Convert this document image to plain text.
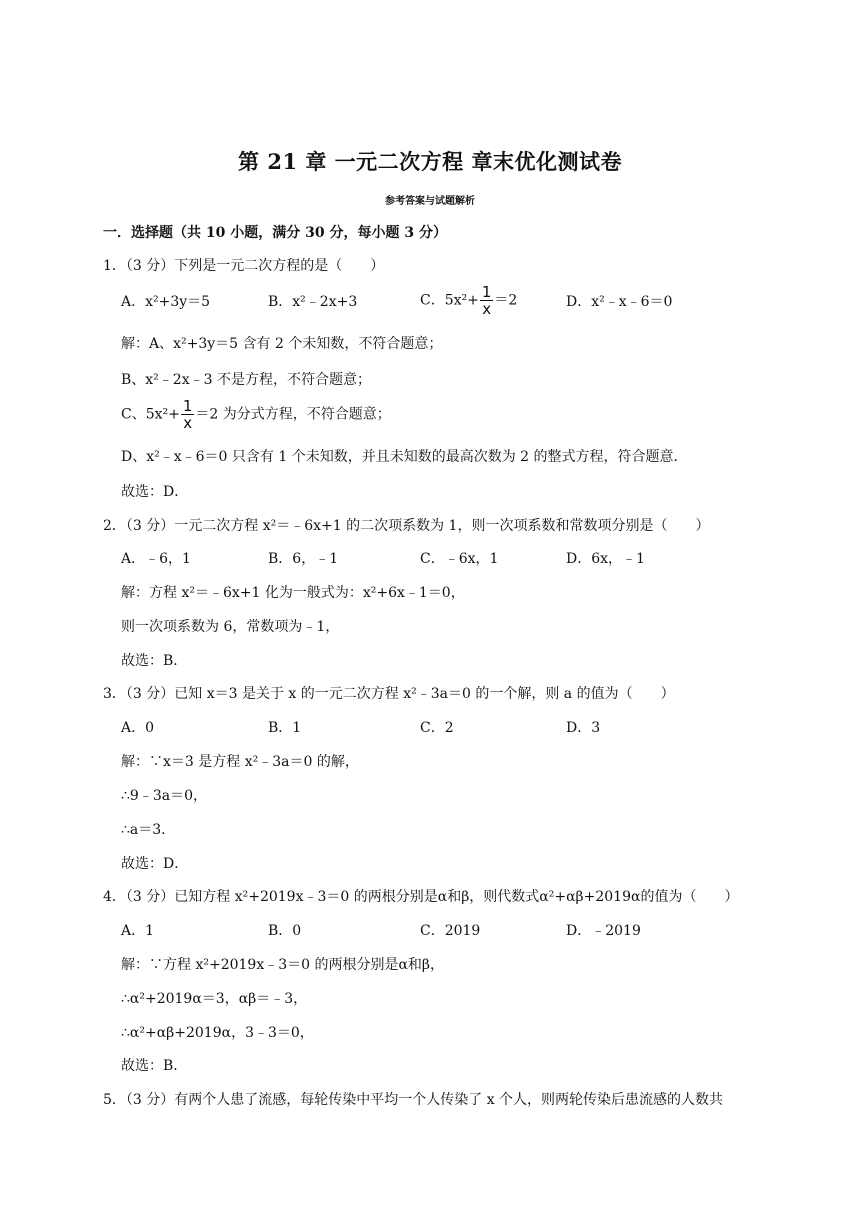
第 21 章 一元二次方程 章末优化测试卷
参考答案与试题解析
一．选择题（共 10 小题，满分 30 分，每小题 3 分）
1．（3 分）下列是一元二次方程的是（　　）
A．x²+3y＝5	B．x²﹣2x+3	C．$5x^2+ \frac{1}{x} =2$	D．x²﹣x﹣6＝0
解：A、x²+3y＝5 含有 2 个未知数，不符合题意；
B、x²﹣2x﹣3 不是方程，不符合题意；
C、$5x^2+ \frac{1}{x} =2$ 为分式方程，不符合题意；
D、x²﹣x﹣6＝0 只含有 1 个未知数，并且未知数的最高次数为 2 的整式方程，符合题意．
故选：D．
2．（3 分）一元二次方程 x²＝﹣6x+1 的二次项系数为 1，则一次项系数和常数项分别是（　　）
A．﹣6，1	B．6，﹣1	C．﹣6x，1	D．6x，﹣1
解：方程 x²＝﹣6x+1 化为一般式为：x²+6x﹣1＝0，
则一次项系数为 6，常数项为﹣1，
故选：B．
3．（3 分）已知 x＝3 是关于 x 的一元二次方程 x²﹣3a＝0 的一个解，则 a 的值为（　　）
A．0	B．1	C．2	D．3
解：∵x＝3 是方程 x²﹣3a＝0 的解，
∴9﹣3a＝0，
∴a＝3．
故选：D．
4．（3 分）已知方程 x²+2019x﹣3＝0 的两根分别是α和β，则代数式α²+αβ+2019α的值为（　　）
A．1	B．0	C．2019	D．﹣2019
解：∵方程 x²+2019x﹣3＝0 的两根分别是α和β，
∴α²+2019α＝3，αβ＝﹣3，
∴α²+αβ+2019α，3﹣3＝0，
故选：B．
5．（3 分）有两个人患了流感，每轮传染中平均一个人传染了 x 个人，则两轮传染后患流感的人数共
